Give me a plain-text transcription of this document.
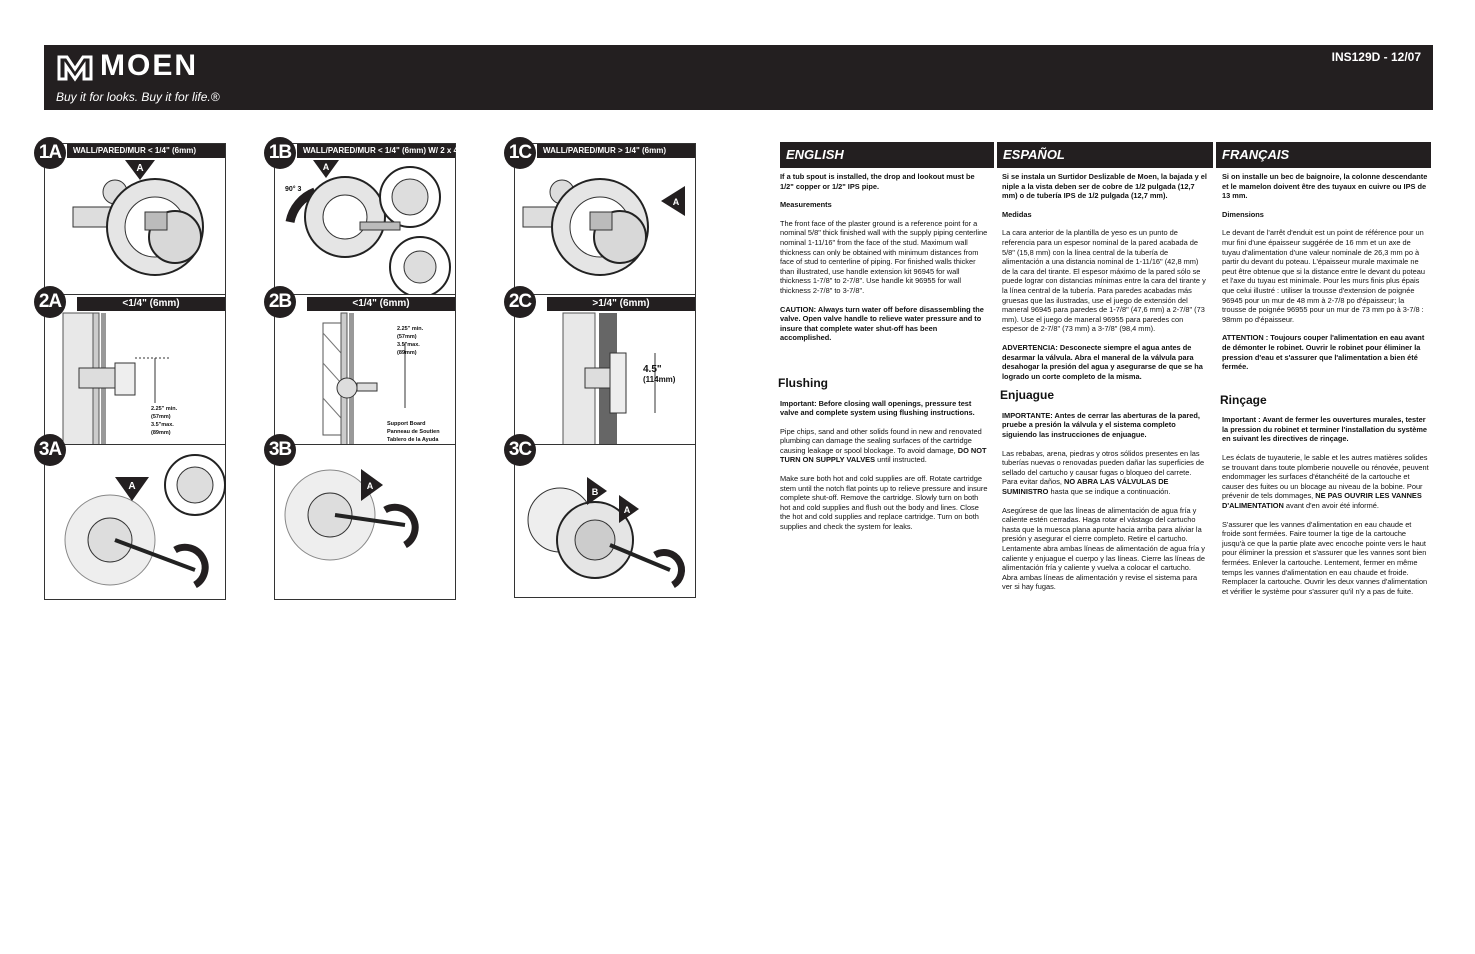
MOEN
Buy it for looks. Buy it for life.®
INS129D - 12/07
WALL/PARED/MUR < 1/4" (6mm)
A
1A	WALL/PARED/MUR < 1/4" (6mm) W/ 2 x 4 Support
90° 3
A
1B	WALL/PARED/MUR > 1/4" (6mm)
A
1C
<1/4" (6mm)
2.25" min.
(57mm)
3.5"max.
(89mm)
2A	<1/4" (6mm)
2.25" min.
(57mm)
3.5"max.
(89mm)
Support Board
Panneau de Soutien
Tablero de la Ayuda
2B	>1/4" (6mm)
4.5"
(114mm)
2C
A
3A
A
3B
B
A
3C
ENGLISH	ESPAÑOL	FRANÇAIS

If a tub spout is installed, the drop and lookout must be 1/2" copper or 1/2" IPS pipe.

Measurements

The front face of the plaster ground is a reference point for a nominal 5/8" thick finished wall with the supply piping centerline nominal 1-11/16" from the face of the stud. Maximum wall thickness can only be obtained with minimum distances from face of stud to centerline of piping. For finished walls thicker than illustrated, use handle extension kit 96945 for wall thickness 1-7/8" to 2-7/8". Use handle kit 96955 for wall thickness 2-7/8" to 3-7/8".

CAUTION: Always turn water off before disassembling the valve. Open valve handle to relieve water pressure and to insure that complete water shut-off has been accomplished.

Flushing

Important: Before closing wall openings, pressure test valve and complete system using flushing instructions.

Pipe chips, sand and other solids found in new and renovated plumbing can damage the sealing surfaces of the cartridge causing leakage or spool blockage. To avoid damage, DO NOT TURN ON SUPPLY VALVES until instructed.

Make sure both hot and cold supplies are off. Rotate cartridge stem until the notch flat points up to relieve pressure and insure complete shut-off. Remove the cartridge. Slowly turn on both hot and cold supplies and flush out the body and lines. Close the hot and cold supplies and replace cartridge. Turn on both supplies and check the system for leaks.

Si se instala un Surtidor Deslizable de Moen, la bajada y el niple a la vista deben ser de cobre de 1/2 pulgada (12,7 mm) o de tubería IPS de 1/2 pulgada (12,7 mm).

Medidas

La cara anterior de la plantilla de yeso es un punto de referencia para un espesor nominal de la pared acabada de 5/8" (15,8 mm) con la línea central de la tubería de alimentación a una distancia nominal de 1-11/16" (42,8 mm) de la cara del tirante. El espesor máximo de la pared sólo se puede lograr con distancias mínimas entre la cara del tirante y la línea central de la tubería. Para paredes acabadas más gruesas que las ilustradas, use el juego de extensión del maneral 96945 para paredes de 1-7/8" (47,6 mm) a 2-7/8" (73 mm). Use el juego de maneral 96955 para paredes con espesor de 2-7/8" (73 mm) a 3-7/8" (98,4 mm).

ADVERTENCIA: Desconecte siempre el agua antes de desarmar la válvula. Abra el maneral de la válvula para desahogar la presión del agua y asegurarse de que se ha logrado un corte completo de la misma.

Enjuague

IMPORTANTE: Antes de cerrar las aberturas de la pared, pruebe a presión la válvula y el sistema completo siguiendo las instrucciones de enjuague.

Las rebabas, arena, piedras y otros sólidos presentes en las tuberías nuevas o renovadas pueden dañar las superficies de sellado del cartucho y causar fugas o bloqueo del carrete. Para evitar daños, NO ABRA LAS VÁLVULAS DE SUMINISTRO hasta que se indique a continuación.

Asegúrese de que las líneas de alimentación de agua fría y caliente estén cerradas. Haga rotar el vástago del cartucho hasta que la muesca plana apunte hacia arriba para aliviar la presión y asegurar el cierre completo. Retire el cartucho. Lentamente abra ambas líneas de alimentación de agua fría y caliente y enjuague el cuerpo y las líneas. Cierre las líneas de alimentación fría y caliente y vuelva a colocar el cartucho. Abra ambas líneas de alimentación y revise el sistema para ver si hay fugas.

Si on installe un bec de baignoire, la colonne descendante et le mamelon doivent être des tuyaux en cuivre ou IPS de 13 mm.

Dimensions

Le devant de l'arrêt d'enduit est un point de référence pour un mur fini d'une épaisseur suggérée de 16 mm et un axe de tuyau d'alimentation d'une valeur nominale de 26,3 mm po à partir du devant du poteau. L'épaisseur murale maximale ne peut être obtenue que si la distance entre le devant du poteau et l'axe du tuyau est minimale. Pour les murs finis plus épais que celui illustré : utiliser la trousse d'extension de poignée 96945 pour un mur de 48 mm à 2-7/8 po d'épaisseur; la trousse de poignée 96955 pour un mur de 73 mm po à 3-7/8 : 98mm po d'épaisseur.

ATTENTION : Toujours couper l'alimentation en eau avant de démonter le robinet. Ouvrir le robinet pour éliminer la pression d'eau et s'assurer que l'alimentation a bien été fermée.

Rinçage

Important : Avant de fermer les ouvertures murales, tester la pression du robinet et terminer l'installation du système en suivant les directives de rinçage.

Les éclats de tuyauterie, le sable et les autres matières solides se trouvant dans toute plomberie nouvelle ou rénovée, peuvent endommager les surfaces d'étanchéité de la cartouche et causer des fuites ou un blocage au niveau de la bobine. Pour prévenir de tels dommages, NE PAS OUVRIR LES VANNES D'ALIMENTATION avant d'en avoir été informé.

S'assurer que les vannes d'alimentation en eau chaude et froide sont fermées. Faire tourner la tige de la cartouche jusqu'à ce que la partie plate avec encoche pointe vers le haut pour éliminer la pression et s'assurer que les vannes sont bien fermées. Enlever la cartouche. Lentement, fermer en même temps les vannes d'alimentation en eau chaude et froide. Remplacer la cartouche. Ouvrir les deux vannes d'alimentation et vérifier le système pour s'assurer qu'il n'y a pas de fuite.
